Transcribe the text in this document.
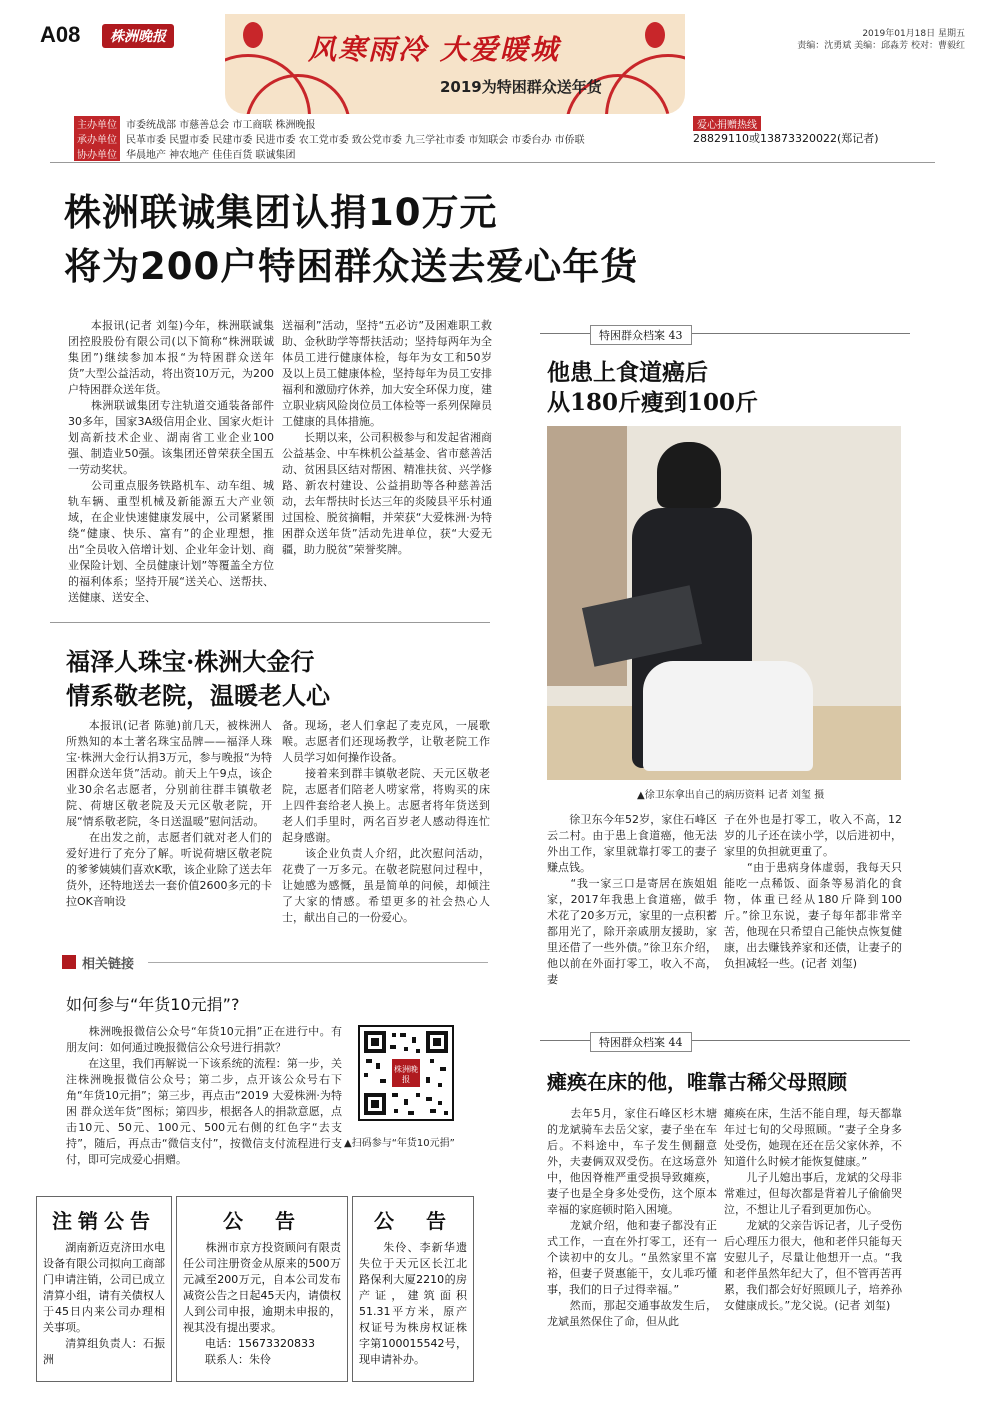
A08	株洲晚报	风寒雨冷 大爱暖城
2019为特困群众送年货
2019年01月18日 星期五
责编：沈勇斌 美编：邱淼芳 校对：曹毅红
主办单位 市委统战部 市慈善总会 市工商联 株洲晚报
承办单位 民革市委 民盟市委 民建市委 民进市委 农工党市委 致公党市委 九三学社市委 市知联会 市委台办 市侨联
协办单位 华晨地产 神农地产 佳佳百货 联诚集团
爱心捐赠热线
28829110或13873320022(郑记者)
株洲联诚集团认捐10万元
将为200户特困群众送去爱心年货
　　本报讯(记者 刘玺)今年，株洲联诚集团控股股份有限公司(以下简称“株洲联诚集团”)继续参加本报“为特困群众送年货”大型公益活动，将出资10万元，为200户特困群众送年货。
　　株洲联诚集团专注轨道交通装备部件30多年，国家3A级信用企业、国家火炬计划高新技术企业、湖南省工业企业100强、制造业50强。该集团还曾荣获全国五一劳动奖状。
　　公司重点服务铁路机车、动车组、城轨车辆、重型机械及新能源五大产业领域，在企业快速健康发展中，公司紧紧围绕“健康、快乐、富有”的企业理想，推出“全员收入倍增计划、企业年金计划、商业保险计划、全员健康计划”等覆盖全方位的福利体系；坚持开展“送关心、送帮扶、送健康、送安全、
送福利”活动，坚持“五必访”及困难职工救助、金秋助学等帮扶活动；坚持每两年为全体员工进行健康体检，每年为女工和50岁及以上员工健康体检，坚持每年为员工安排福利和激励疗休养，加大安全环保力度，建立职业病风险岗位员工体检等一系列保障员工健康的具体措施。
　　长期以来，公司积极参与和发起省湘商公益基金、中车株机公益基金、省市慈善活动、贫困县区结对帮困、精准扶贫、兴学修路、新农村建设、公益捐助等各种慈善活动，去年帮扶时长达三年的炎陵县平乐村通过国检、脱贫摘帽，并荣获“大爱株洲·为特困群众送年货”活动先进单位，获“大爱无疆，助力脱贫”荣誉奖牌。
福泽人珠宝·株洲大金行
情系敬老院，温暖老人心
　　本报讯(记者 陈驰)前几天，被株洲人所熟知的本土著名珠宝品牌——福泽人珠宝·株洲大金行认捐3万元，参与晚报“为特困群众送年货”活动。前天上午9点，该企业30余名志愿者，分别前往群丰镇敬老院、荷塘区敬老院及天元区敬老院，开展“情系敬老院，冬日送温暖”慰问活动。
　　在出发之前，志愿者们就对老人们的爱好进行了充分了解。听说荷塘区敬老院的爹爹姨姨们喜欢K歌，该企业除了送去年货外，还特地送去一套价值2600多元的卡拉OK音响设
备。现场，老人们拿起了麦克风，一展歌喉。志愿者们还现场教学，让敬老院工作人员学习如何操作设备。
　　接着来到群丰镇敬老院、天元区敬老院，志愿者们陪老人唠家常，将购买的床上四件套给老人换上。志愿者将年货送到老人们手里时，两名百岁老人感动得连忙起身感谢。
　　该企业负责人介绍，此次慰问活动，花费了一万多元。在敬老院慰问过程中，让她感为感慨，虽是简单的问候，却倾注了大家的情感。希望更多的社会热心人士，献出自己的一份爱心。
相关链接
如何参与“年货10元捐”?
　　株洲晚报微信公众号“年货10元捐”正在进行中。有朋友问：如何通过晚报微信公众号进行捐款？
　　在这里，我们再解说一下该系统的流程：第一步，关注株洲晚报微信公众号；第二步，点开该公众号右下角“年货10元捐”；第三步，再点击“2019 大爱株洲·为特困 群众送年货”图标；第四步，根据各人的捐款意愿，点击10元、50元、100元、500元右侧的红色字“去支持”，随后，再点击“微信支付”，按微信支付流程进行支付，即可完成爱心捐赠。
株洲晚报
▲扫码参与“年货10元捐”
特困群众档案 43
他患上食道癌后
从180斤瘦到100斤
▲徐卫东拿出自己的病历资料 记者 刘玺 摄
　　徐卫东今年52岁，家住石峰区云二村。由于患上食道癌，他无法外出工作，家里就靠打零工的妻子赚点钱。
　　“我一家三口是寄居在族姐姐家，2017年我患上食道癌，做手术花了20多万元，家里的一点积蓄都用光了，除开亲戚朋友援助，家里还借了一些外债。”徐卫东介绍，他以前在外面打零工，收入不高，妻
子在外也是打零工，收入不高，12岁的儿子还在读小学，以后进初中，家里的负担就更重了。
　　“由于患病身体虚弱，我每天只能吃一点稀饭、面条等易消化的食物，体重已经从180斤降到100斤。”徐卫东说，妻子每年都非常辛苦，他现在只希望自己能快点恢复健康，出去赚钱养家和还债，让妻子的负担减轻一些。(记者 刘玺)
特困群众档案 44
瘫痪在床的他，唯靠古稀父母照顾
　　去年5月，家住石峰区杉木塘的龙斌骑车去岳父家，妻子坐在车后。不料途中，车子发生侧翻意外，夫妻俩双双受伤。在这场意外中，他因脊椎严重受损导致瘫痪，妻子也是全身多处受伤，这个原本幸福的家庭顿时陷入困境。
　　龙斌介绍，他和妻子都没有正式工作，一直在外打零工，还有一个读初中的女儿。“虽然家里不富裕，但妻子贤惠能干，女儿乖巧懂事，我们的日子过得幸福。”
　　然而，那起交通事故发生后，龙斌虽然保住了命，但从此
瘫痪在床，生活不能自理，每天都靠年过七旬的父母照顾。“妻子全身多处受伤，她现在还在岳父家休养，不知道什么时候才能恢复健康。”
　　儿子儿媳出事后，龙斌的父母非常难过，但每次都是背着儿子偷偷哭泣，不想让儿子看到更加伤心。
　　龙斌的父亲告诉记者，儿子受伤后心理压力很大，他和老伴只能每天安慰儿子，尽量让他想开一点。“我和老伴虽然年纪大了，但不管再苦再累，我们都会好好照顾儿子，培养孙女健康成长。”龙父说。(记者 刘玺)
注销公告
　　湖南新迈克济田水电设备有限公司拟向工商部门申请注销，公司已成立清算小组，请有关债权人于45日内来公司办理相关事项。
　　清算组负责人：石振洲
公　告
　　株洲市京方投资顾问有限责任公司注册资金从原来的500万元减至200万元，自本公司发布减资公告之日起45天内，请债权人到公司申报，逾期未申报的，视其没有提出要求。
　　电话：15673320833
　　联系人：朱伶
公　告
　　朱伶、李新华遗失位于天元区长江北路保利大厦2210的房产证，建筑面积51.31平方米，原产权证号为株房权证株字第100015542号，现申请补办。
